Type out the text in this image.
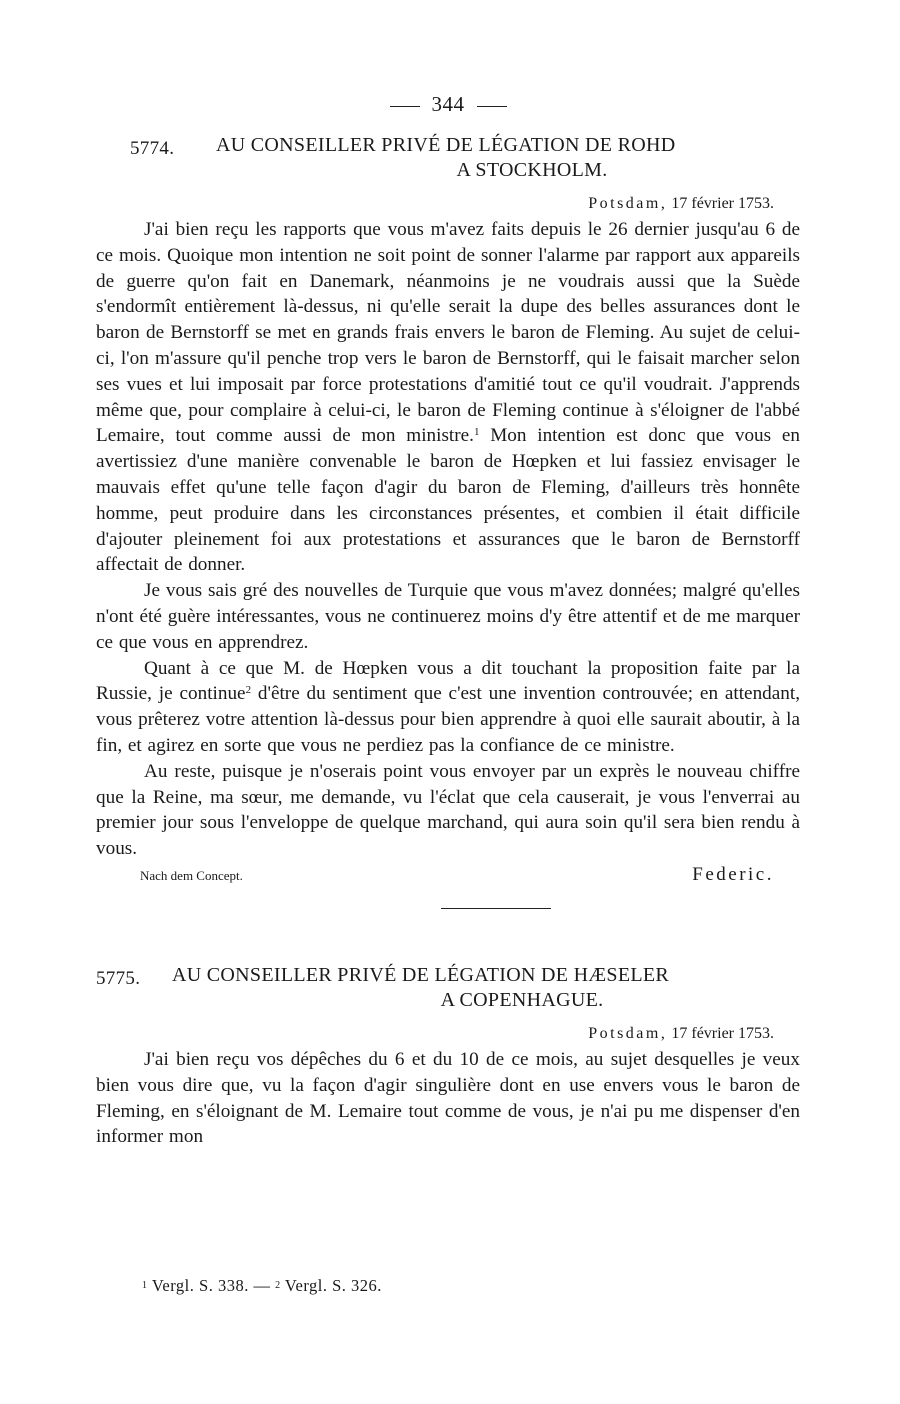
344
5774.	AU CONSEILLER PRIVÉ DE LÉGATION DE ROHD
A STOCKHOLM.
Potsdam, 17 février 1753.

J'ai bien reçu les rapports que vous m'avez faits depuis le 26 dernier jusqu'au 6 de ce mois. Quoique mon intention ne soit point de sonner l'alarme par rapport aux appareils de guerre qu'on fait en Danemark, néanmoins je ne voudrais aussi que la Suède s'endormît entièrement là-dessus, ni qu'elle serait la dupe des belles assurances dont le baron de Bernstorff se met en grands frais envers le baron de Fleming. Au sujet de celui-ci, l'on m'assure qu'il penche trop vers le baron de Bernstorff, qui le faisait marcher selon ses vues et lui imposait par force protestations d'amitié tout ce qu'il voudrait. J'apprends même que, pour complaire à celui-ci, le baron de Fleming continue à s'éloigner de l'abbé Lemaire, tout comme aussi de mon ministre.$^1$ Mon intention est donc que vous en avertissiez d'une manière convenable le baron de Hœpken et lui fassiez envisager le mauvais effet qu'une telle façon d'agir du baron de Fleming, d'ailleurs très honnête homme, peut produire dans les circonstances présentes, et combien il était difficile d'ajouter pleinement foi aux protestations et assurances que le baron de Bernstorff affectait de donner.

Je vous sais gré des nouvelles de Turquie que vous m'avez données; malgré qu'elles n'ont été guère intéressantes, vous ne continuerez moins d'y être attentif et de me marquer ce que vous en apprendrez.

Quant à ce que M. de Hœpken vous a dit touchant la proposition faite par la Russie, je continue$^2$ d'être du sentiment que c'est une invention controuvée; en attendant, vous prêterez votre attention là-dessus pour bien apprendre à quoi elle saurait aboutir, à la fin, et agirez en sorte que vous ne perdiez pas la confiance de ce ministre.

Au reste, puisque je n'oserais point vous envoyer par un exprès le nouveau chiffre que la Reine, ma sœur, me demande, vu l'éclat que cela causerait, je vous l'enverrai au premier jour sous l'enveloppe de quelque marchand, qui aura soin qu'il sera bien rendu à vous.

Nach dem Concept.	Federic.
5775.	AU CONSEILLER PRIVÉ DE LÉGATION DE HÆSELER
A COPENHAGUE.
Potsdam, 17 février 1753.

J'ai bien reçu vos dépêches du 6 et du 10 de ce mois, au sujet desquelles je veux bien vous dire que, vu la façon d'agir singulière dont en use envers vous le baron de Fleming, en s'éloignant de M. Lemaire tout comme de vous, je n'ai pu me dispenser d'en informer mon

$^1$ Vergl. S. 338. — $^2$ Vergl. S. 326.
